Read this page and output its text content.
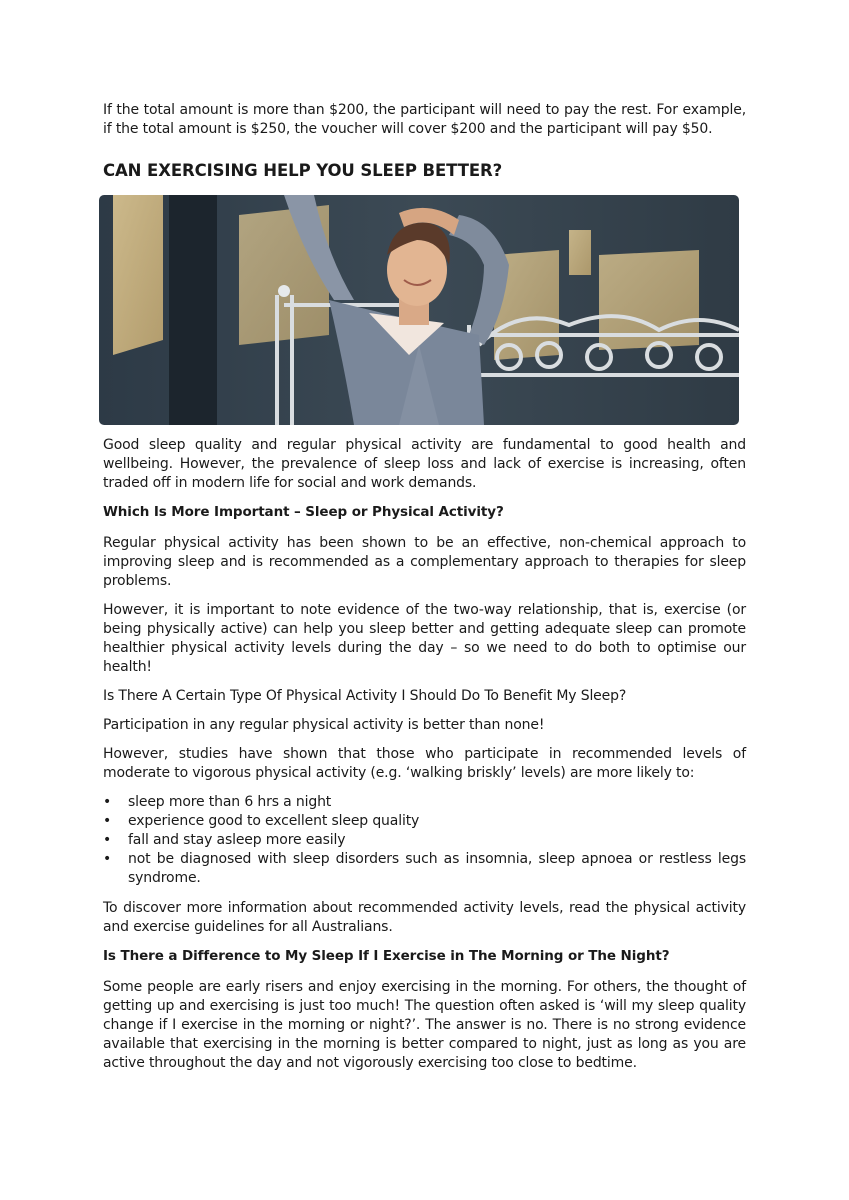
If the total amount is more than $200, the participant will need to pay the rest. For example, if the total amount is $250, the voucher will cover $200 and the participant will pay $50.

CAN EXERCISING HELP YOU SLEEP BETTER?

Good sleep quality and regular physical activity are fundamental to good health and wellbeing. However, the prevalence of sleep loss and lack of exercise is increasing, often traded off in modern life for social and work demands.

Which Is More Important – Sleep or Physical Activity?

Regular physical activity has been shown to be an effective, non-chemical approach to improving sleep and is recommended as a complementary approach to therapies for sleep problems.

However, it is important to note evidence of the two-way relationship, that is, exercise (or being physically active) can help you sleep better and getting adequate sleep can promote healthier physical activity levels during the day – so we need to do both to optimise our health!

Is There A Certain Type Of Physical Activity I Should Do To Benefit My Sleep?

Participation in any regular physical activity is better than none!

However, studies have shown that those who participate in recommended levels of moderate to vigorous physical activity (e.g. ‘walking briskly’ levels) are more likely to:

• sleep more than 6 hrs a night
• experience good to excellent sleep quality
• fall and stay asleep more easily
• not be diagnosed with sleep disorders such as insomnia, sleep apnoea or restless legs syndrome.

To discover more information about recommended activity levels, read the physical activity and exercise guidelines for all Australians.

Is There a Difference to My Sleep If I Exercise in The Morning or The Night?

Some people are early risers and enjoy exercising in the morning. For others, the thought of getting up and exercising is just too much! The question often asked is ‘will my sleep quality change if I exercise in the morning or night?’. The answer is no. There is no strong evidence available that exercising in the morning is better compared to night, just as long as you are active throughout the day and not vigorously exercising too close to bedtime.
